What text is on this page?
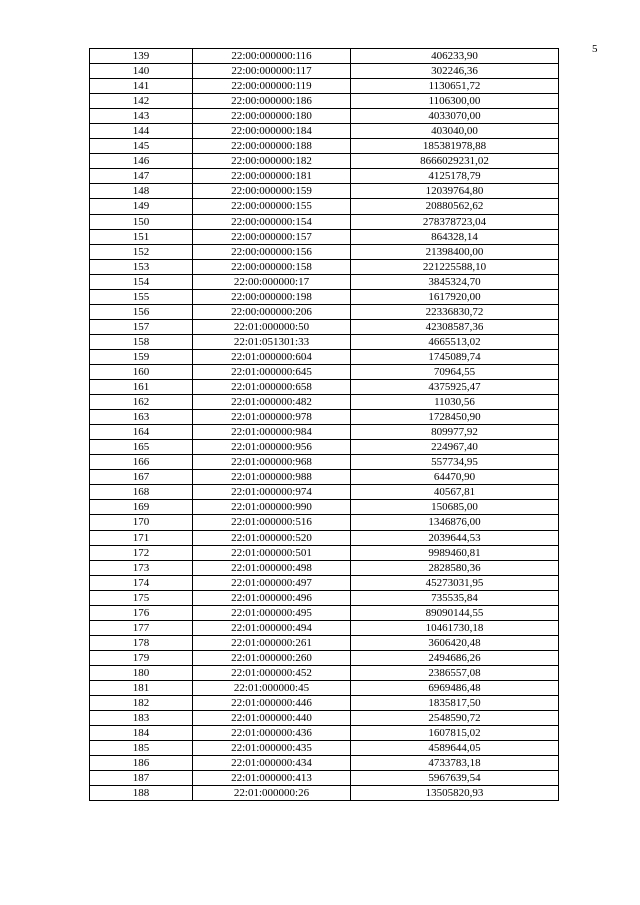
5
139	22:00:000000:116	406233,90
140	22:00:000000:117	302246,36
141	22:00:000000:119	1130651,72
142	22:00:000000:186	1106300,00
143	22:00:000000:180	4033070,00
144	22:00:000000:184	403040,00
145	22:00:000000:188	185381978,88
146	22:00:000000:182	8666029231,02
147	22:00:000000:181	4125178,79
148	22:00:000000:159	12039764,80
149	22:00:000000:155	20880562,62
150	22:00:000000:154	278378723,04
151	22:00:000000:157	864328,14
152	22:00:000000:156	21398400,00
153	22:00:000000:158	221225588,10
154	22:00:000000:17	3845324,70
155	22:00:000000:198	1617920,00
156	22:00:000000:206	22336830,72
157	22:01:000000:50	42308587,36
158	22:01:051301:33	4665513,02
159	22:01:000000:604	1745089,74
160	22:01:000000:645	70964,55
161	22:01:000000:658	4375925,47
162	22:01:000000:482	11030,56
163	22:01:000000:978	1728450,90
164	22:01:000000:984	809977,92
165	22:01:000000:956	224967,40
166	22:01:000000:968	557734,95
167	22:01:000000:988	64470,90
168	22:01:000000:974	40567,81
169	22:01:000000:990	150685,00
170	22:01:000000:516	1346876,00
171	22:01:000000:520	2039644,53
172	22:01:000000:501	9989460,81
173	22:01:000000:498	2828580,36
174	22:01:000000:497	45273031,95
175	22:01:000000:496	735535,84
176	22:01:000000:495	89090144,55
177	22:01:000000:494	10461730,18
178	22:01:000000:261	3606420,48
179	22:01:000000:260	2494686,26
180	22:01:000000:452	2386557,08
181	22:01:000000:45	6969486,48
182	22:01:000000:446	1835817,50
183	22:01:000000:440	2548590,72
184	22:01:000000:436	1607815,02
185	22:01:000000:435	4589644,05
186	22:01:000000:434	4733783,18
187	22:01:000000:413	5967639,54
188	22:01:000000:26	13505820,93
